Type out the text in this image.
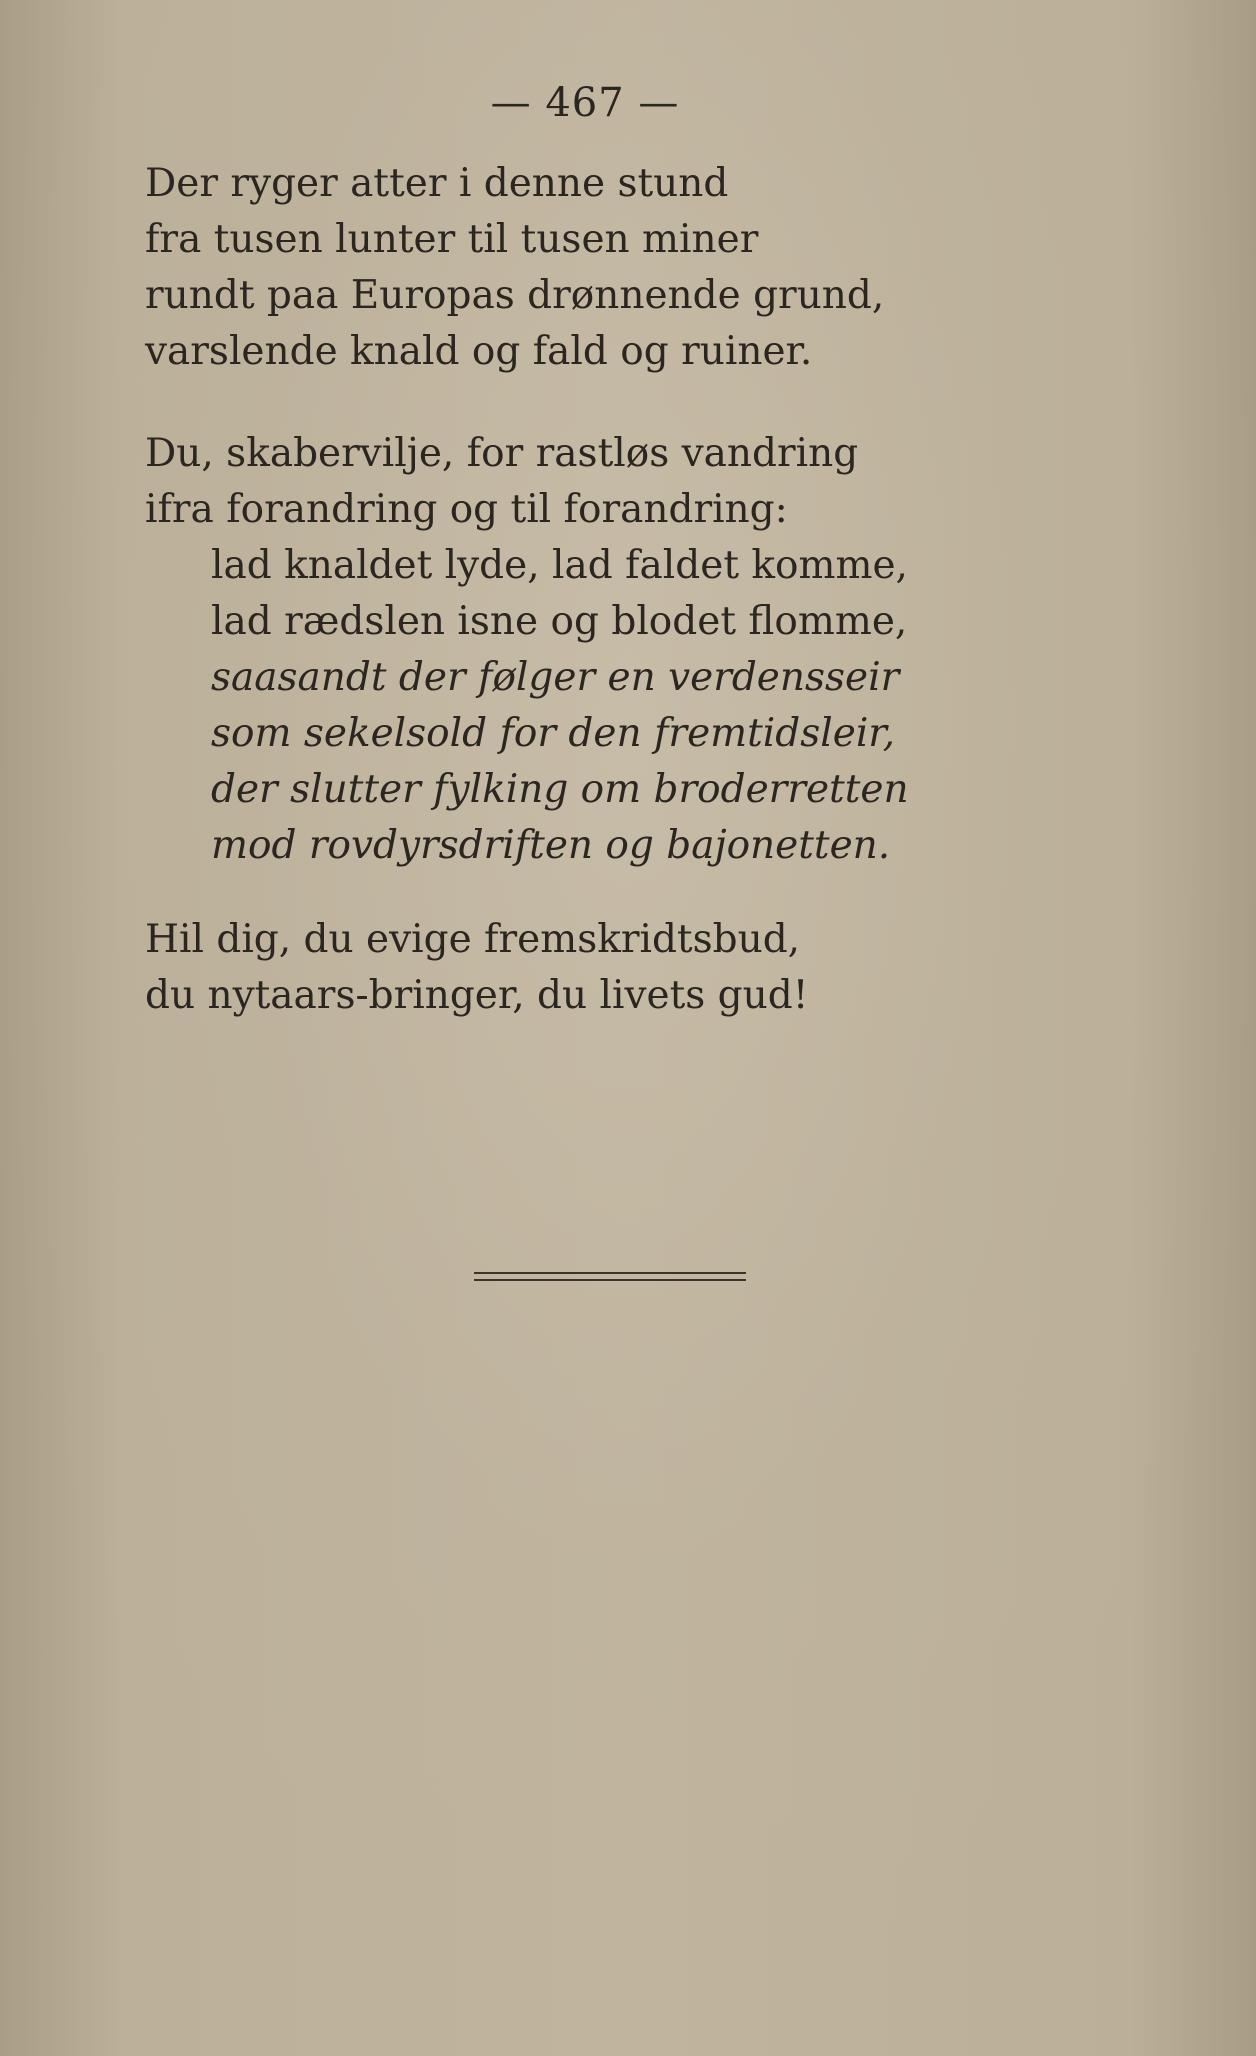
— 467 —
Der ryger atter i denne stund
fra tusen lunter til tusen miner
rundt paa Europas drønnende grund,
varslende knald og fald og ruiner.
Du, skabervilje, for rastløs vandring
ifra forandring og til forandring:
lad knaldet lyde, lad faldet komme,
lad rædslen isne og blodet flomme,
saasandt der følger en verdensseir
som sekelsold for den fremtidsleir,
der slutter fylking om broderretten
mod rovdyrsdriften og bajonetten.
Hil dig, du evige fremskridtsbud,
du nytaars-bringer, du livets gud!
